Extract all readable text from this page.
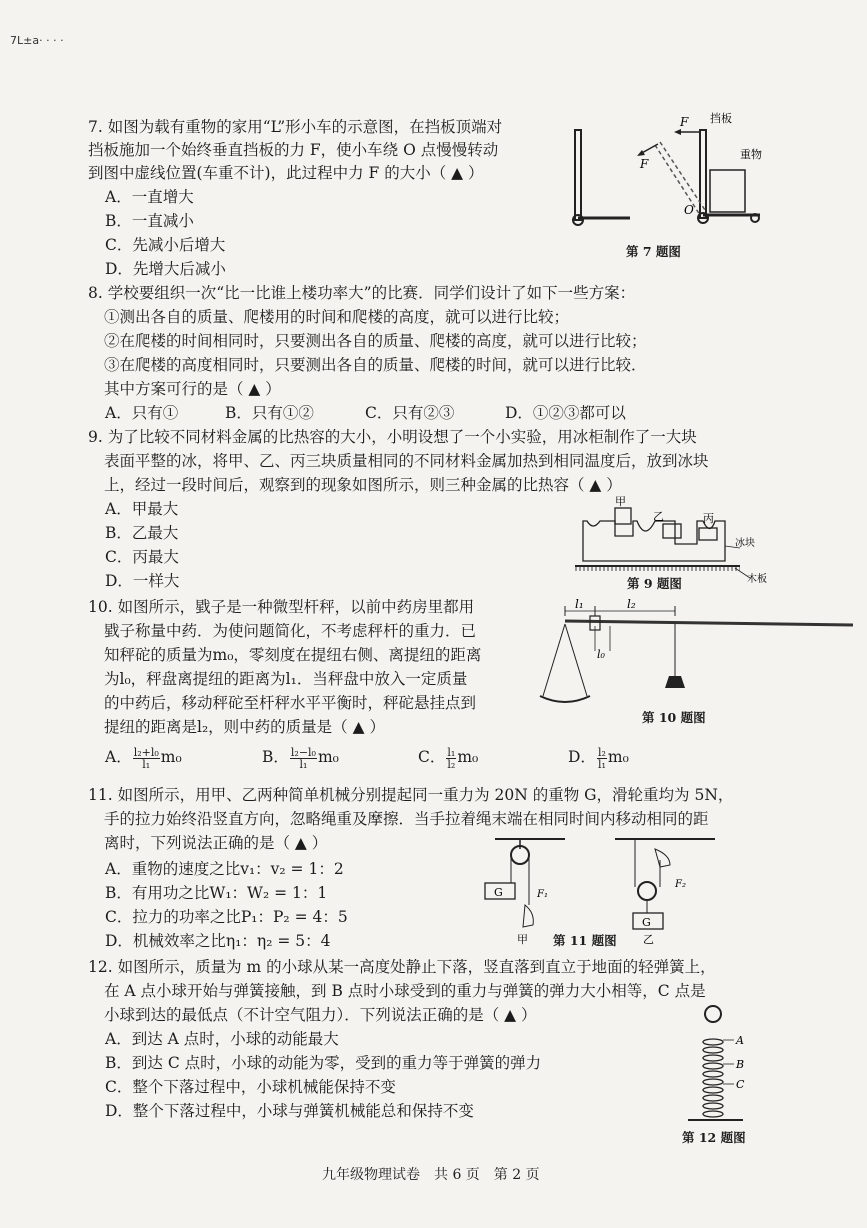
7L±a· · · ·
7. 如图为载有重物的家用“L”形小车的示意图，在挡板顶端对
挡板施加一个始终垂直挡板的力 F，使小车绕 O 点慢慢转动
到图中虚线位置(车重不计)，此过程中力 F 的大小（ ▲ ）
A．一直增大
B．一直减小
C．先减小后增大
D．先增大后减小
F
F
挡板
重物
O
第 7 题图
8. 学校要组织一次“比一比谁上楼功率大”的比赛．同学们设计了如下一些方案：
①测出各自的质量、爬楼用的时间和爬楼的高度，就可以进行比较；
②在爬楼的时间相同时，只要测出各自的质量、爬楼的高度，就可以进行比较；
③在爬楼的高度相同时，只要测出各自的质量、爬楼的时间，就可以进行比较．
其中方案可行的是（ ▲ ）
A．只有①	B．只有①②	C．只有②③	D．①②③都可以
9. 为了比较不同材料金属的比热容的大小，小明设想了一个小实验，用冰柜制作了一大块
表面平整的冰，将甲、乙、丙三块质量相同的不同材料金属加热到相同温度后，放到冰块
上，经过一段时间后，观察到的现象如图所示，则三种金属的比热容（ ▲ ）
A．甲最大
B．乙最大
C．丙最大
D．一样大
甲
乙	丙
冰块
木板
第 9 题图
10. 如图所示，戥子是一种微型杆秤，以前中药房里都用
戥子称量中药．为使问题简化，不考虑秤杆的重力．已
知秤砣的质量为m₀，零刻度在提纽右侧、离提纽的距离
为l₀，秤盘离提纽的距离为l₁．当秤盘中放入一定质量
的中药后，移动秤砣至杆秤水平平衡时，秤砣悬挂点到
提纽的距离是l₂，则中药的质量是（ ▲ ）
A． $\frac{\text{l₂+l₀}}{\text{l₁}} m_0$	B． $\frac{\text{l₂−l₀}}{\text{l₁}} m_0$	C． $\frac{\text{l₁}}{\text{l₂}} m_0$	D． $\frac{\text{l₂}}{\text{l₁}} m_0$
l₁	l₂
l₀
第 10 题图
11. 如图所示，用甲、乙两种简单机械分别提起同一重力为 20N 的重物 G，滑轮重均为 5N，
手的拉力始终沿竖直方向，忽略绳重及摩擦．当手拉着绳末端在相同时间内移动相同的距
离时，下列说法正确的是（ ▲ ）
A．重物的速度之比v₁：v₂ = 1：2
B．有用功之比W₁：W₂ = 1：1
C．拉力的功率之比P₁：P₂ = 4：5
D．机械效率之比η₁：η₂ = 5：4
G	F₁
甲
G
F₂
乙
第 11 题图
12. 如图所示，质量为 m 的小球从某一高度处静止下落，竖直落到直立于地面的轻弹簧上，
在 A 点小球开始与弹簧接触，到 B 点时小球受到的重力与弹簧的弹力大小相等，C 点是
小球到达的最低点（不计空气阻力）．下列说法正确的是（ ▲ ）
A．到达 A 点时，小球的动能最大
B．到达 C 点时，小球的动能为零，受到的重力等于弹簧的弹力
C．整个下落过程中，小球机械能保持不变
D．整个下落过程中，小球与弹簧机械能总和保持不变
A
B
C
第 12 题图
九年级物理试卷　共 6 页　第 2 页
